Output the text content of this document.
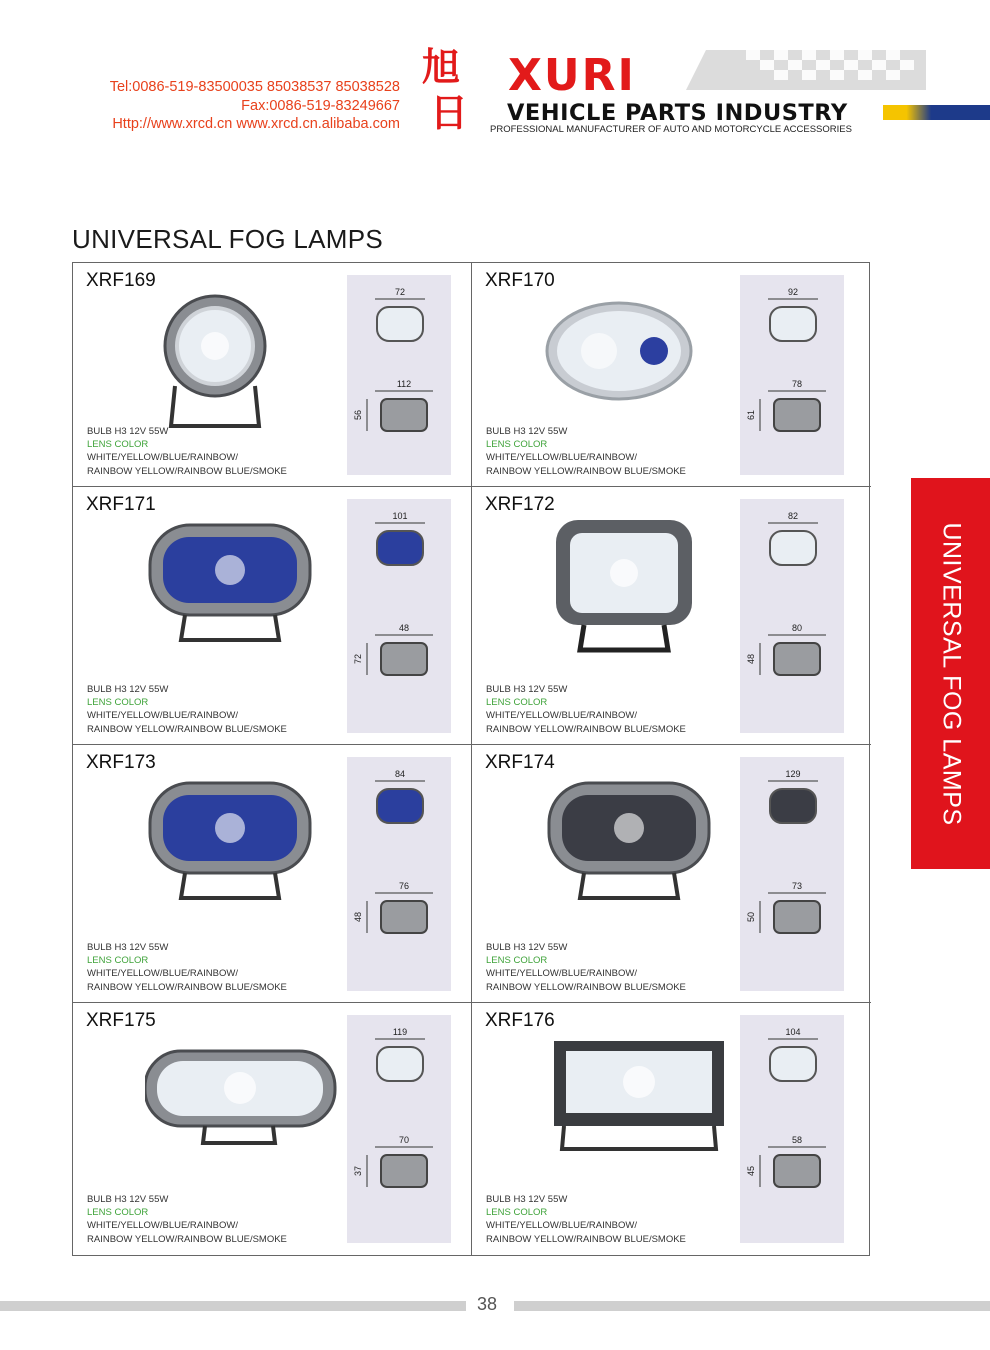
Tel:0086-519-83500035 85038537 85038528
Fax:0086-519-83249667
Http://www.xrcd.cn www.xrcd.cn.alibaba.com
旭
日
XURI
VEHICLE PARTS INDUSTRY
PROFESSIONAL MANUFACTURER OF AUTO AND MOTORCYCLE ACCESSORIES
UNIVERSAL FOG LAMPS
XRF169
72
112
56
BULB H3 12V 55W
LENS COLOR
WHITE/YELLOW/BLUE/RAINBOW/
RAINBOW YELLOW/RAINBOW BLUE/SMOKE
XRF170
92
78
61
BULB H3 12V 55W
LENS COLOR
WHITE/YELLOW/BLUE/RAINBOW/
RAINBOW YELLOW/RAINBOW BLUE/SMOKE
XRF171
101
48
72
BULB H3 12V 55W
LENS COLOR
WHITE/YELLOW/BLUE/RAINBOW/
RAINBOW YELLOW/RAINBOW BLUE/SMOKE
XRF172
82
80
48
BULB H3 12V 55W
LENS COLOR
WHITE/YELLOW/BLUE/RAINBOW/
RAINBOW YELLOW/RAINBOW BLUE/SMOKE
XRF173
84
76
48
BULB H3 12V 55W
LENS COLOR
WHITE/YELLOW/BLUE/RAINBOW/
RAINBOW YELLOW/RAINBOW BLUE/SMOKE
XRF174
129
73
50
BULB H3 12V 55W
LENS COLOR
WHITE/YELLOW/BLUE/RAINBOW/
RAINBOW YELLOW/RAINBOW BLUE/SMOKE
XRF175
119
70
37
BULB H3 12V 55W
LENS COLOR
WHITE/YELLOW/BLUE/RAINBOW/
RAINBOW YELLOW/RAINBOW BLUE/SMOKE
XRF176
104
58
45
BULB H3 12V 55W
LENS COLOR
WHITE/YELLOW/BLUE/RAINBOW/
RAINBOW YELLOW/RAINBOW BLUE/SMOKE
UNIVERSAL FOG LAMPS
38
